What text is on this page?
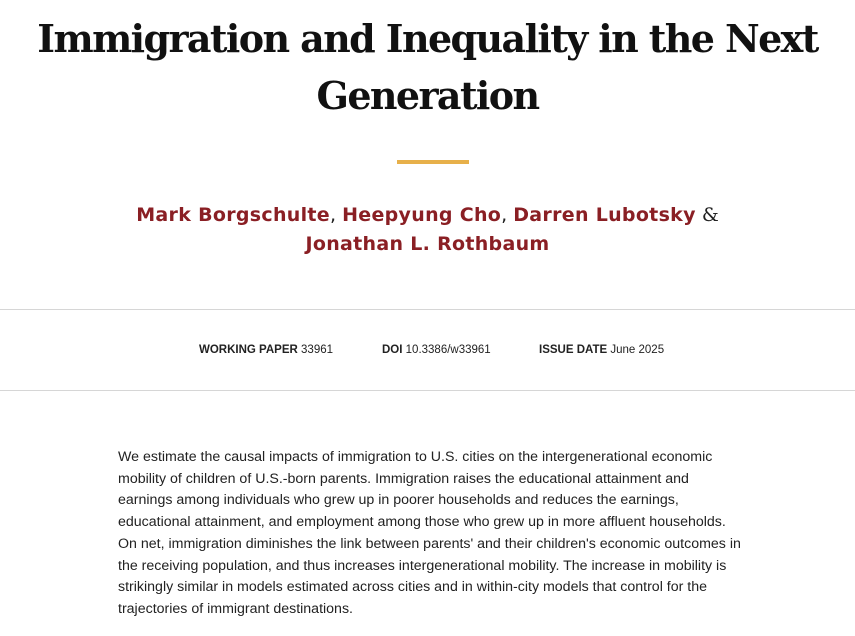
Immigration and Inequality in the Next
Generation
Mark Borgschulte, Heepyung Cho, Darren Lubotsky &
Jonathan L. Rothbaum
WORKING PAPER 33961	DOI 10.3386/w33961	ISSUE DATE June 2025

We estimate the causal impacts of immigration to U.S. cities on the intergenerational economic mobility of children of U.S.-born parents. Immigration raises the educational attainment and earnings among individuals who grew up in poorer households and reduces the earnings, educational attainment, and employment among those who grew up in more affluent households. On net, immigration diminishes the link between parents' and their children's economic outcomes in the receiving population, and thus increases intergenerational mobility. The increase in mobility is strikingly similar in models estimated across cities and in within-city models that control for the trajectories of immigrant destinations.
